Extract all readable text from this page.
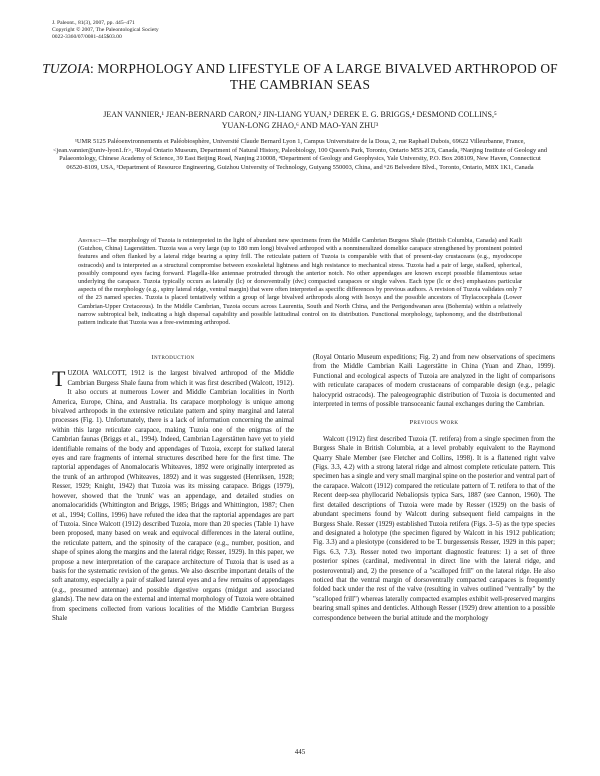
J. Paleont., 81(3), 2007, pp. 445–471
Copyright © 2007, The Paleontological Society
0022-3360/07/0081-445$03.00
TUZOIA: MORPHOLOGY AND LIFESTYLE OF A LARGE BIVALVED ARTHROPOD OF THE CAMBRIAN SEAS
JEAN VANNIER,¹ JEAN-BERNARD CARON,² JIN-LIANG YUAN,³ DEREK E. G. BRIGGS,⁴ DESMOND COLLINS,⁵
YUAN-LONG ZHAO,⁶ AND MAO-YAN ZHU³
¹UMR 5125 Paléoenvironnements et Paléobiosphère, Université Claude Bernard Lyon 1, Campus Universitaire de la Doua, 2, rue Raphaël Dubois, 69622 Villeurbanne, France, <jean.vannier@univ-lyon1.fr>, ²Royal Ontario Museum, Department of Natural History, Paleobiology, 100 Queen's Park, Toronto, Ontario M5S 2C6, Canada, ³Nanjing Institute of Geology and Palaeontology, Chinese Academy of Science, 39 East Beijing Road, Nanjing 210008, ⁴Department of Geology and Geophysics, Yale University, P.O. Box 208109, New Haven, Connecticut 06520-8109, USA, ⁵Department of Resource Engineering, Guizhou University of Technology, Guiyang 550003, China, and ⁶26 Belvedere Blvd., Toronto, Ontario, M8X 1K1, Canada
Abstract—The morphology of Tuzoia is reinterpreted in the light of abundant new specimens from the Middle Cambrian Burgess Shale (British Columbia, Canada) and Kaili (Guizhou, China) Lagerstätten. Tuzoia was a very large (up to 180 mm long) bivalved arthropod with a nonmineralized domelike carapace strengthened by prominent pointed features and often flanked by a lateral ridge bearing a spiny frill. The reticulate pattern of Tuzoia is comparable with that of present-day crustaceans (e.g., myodocope ostracods) and is interpreted as a structural compromise between exoskeletal lightness and high resistance to mechanical stress. Tuzoia had a pair of large, stalked, spherical, possibly compound eyes facing forward. Flagella-like antennae protruded through the anterior notch. No other appendages are known except possible filamentous setae underlying the carapace. Tuzoia typically occurs as laterally (lc) or dorsoventrally (dvc) compacted carapaces or single valves. Each type (lc or dvc) emphasizes particular aspects of the morphology (e.g., spiny lateral ridge, ventral margin) that were often interpreted as specific differences by previous authors. A revision of Tuzoia validates only 7 of the 23 named species. Tuzoia is placed tentatively within a group of large bivalved arthropods along with Isoxys and the possible ancestors of Thylacocephala (Lower Cambrian-Upper Cretaceous). In the Middle Cambrian, Tuzoia occurs across Laurentia, South and North China, and the Perigondwanan area (Bohemia) within a relatively narrow subtropical belt, indicating a high dispersal capability and possible latitudinal control on its distribution. Functional morphology, taphonomy, and the distributional pattern indicate that Tuzoia was a free-swimming arthropod.
Introduction

TUZOIA WALCOTT, 1912 is the largest bivalved arthropod of the Middle Cambrian Burgess Shale fauna from which it was first described (Walcott, 1912). It also occurs at numerous Lower and Middle Cambrian localities in North America, Europe, China, and Australia. Its carapace morphology is unique among bivalved arthropods in the extensive reticulate pattern and spiny marginal and lateral processes (Fig. 1). Unfortunately, there is a lack of information concerning the animal within this large reticulate carapace, making Tuzoia one of the enigmas of the Cambrian faunas (Briggs et al., 1994). Indeed, Cambrian Lagerstätten have yet to yield identifiable remains of the body and appendages of Tuzoia, except for stalked lateral eyes and rare fragments of internal structures described here for the first time. The raptorial appendages of Anomalocaris Whiteaves, 1892 were originally interpreted as the trunk of an arthropod (Whiteaves, 1892) and it was suggested (Henriksen, 1928; Resser, 1929; Knight, 1942) that Tuzoia was its missing carapace. Briggs (1979), however, showed that the 'trunk' was an appendage, and detailed studies on anomalocaridids (Whittington and Briggs, 1985; Briggs and Whittington, 1987; Chen et al., 1994; Collins, 1996) have refuted the idea that the raptorial appendages are part of Tuzoia. Since Walcott (1912) described Tuzoia, more than 20 species (Table 1) have been proposed, many based on weak and equivocal differences in the lateral outline, the reticulate pattern, and the spinosity of the carapace (e.g., number, position, and shape of spines along the margins and the lateral ridge; Resser, 1929). In this paper, we propose a new interpretation of the carapace architecture of Tuzoia that is used as a basis for the systematic revision of the genus. We also describe important details of the soft anatomy, especially a pair of stalked lateral eyes and a few remains of appendages (e.g., presumed antennae) and possible digestive organs (midgut and associated glands). The new data on the external and internal morphology of Tuzoia were obtained from specimens collected from various localities of the Middle Cambrian Burgess Shale

(Royal Ontario Museum expeditions; Fig. 2) and from new observations of specimens from the Middle Cambrian Kaili Lagerstätte in China (Yuan and Zhao, 1999). Functional and ecological aspects of Tuzoia are analyzed in the light of comparisons with reticulate carapaces of modern crustaceans of comparable design (e.g., pelagic halocyprid ostracods). The paleogeographic distribution of Tuzoia is documented and interpreted in terms of possible transoceanic faunal exchanges during the Cambrian.

Previous Work

Walcott (1912) first described Tuzoia (T. retifera) from a single specimen from the Burgess Shale in British Columbia, at a level probably equivalent to the Raymond Quarry Shale Member (see Fletcher and Collins, 1998). It is a flattened right valve (Figs. 3.3, 4.2) with a strong lateral ridge and almost complete reticulate pattern. This specimen has a single and very small marginal spine on the posterior and ventral part of the carapace. Walcott (1912) compared the reticulate pattern of T. retifera to that of the Recent deep-sea phyllocarid Nebaliopsis typica Sars, 1887 (see Cannon, 1960). The first detailed descriptions of Tuzoia were made by Resser (1929) on the basis of abundant specimens found by Walcott during subsequent field campaigns in the Burgess Shale. Resser (1929) established Tuzoia retifera (Figs. 3–5) as the type species and designated a holotype (the specimen figured by Walcott in his 1912 publication; Fig. 3.3) and a plesiotype (considered to be T. burgessensis Resser, 1929 in this paper; Figs. 6.3, 7.3). Resser noted two important diagnostic features: 1) a set of three posterior spines (cardinal, mediventral in direct line with the lateral ridge, and posteroventral) and, 2) the presence of a "scalloped frill" on the lateral ridge. He also noticed that the ventral margin of dorsoventrally compacted carapaces is frequently folded back under the rest of the valve (resulting in valves outlined "ventrally" by the "scalloped frill") whereas laterally compacted examples exhibit well-preserved margins bearing small spines and denticles. Although Resser (1929) drew attention to a possible correspondence between the burial attitude and the morphology

445
